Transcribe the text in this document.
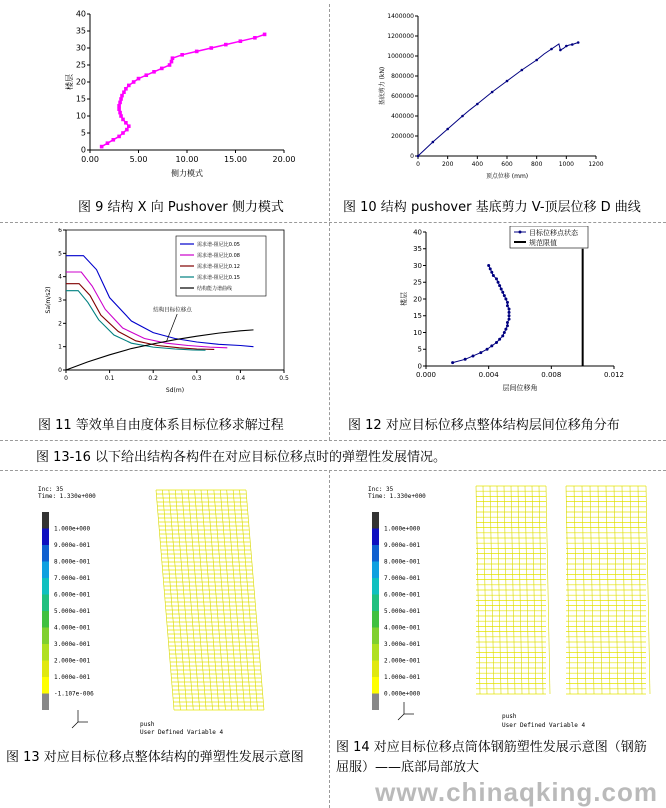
0.00	5.00	10.00	15.00	20.00
0
5
10
15
20
25
30
35
40
侧力模式
楼层
图 9 结构 X 向 Pushover 侧力模式
0	200	400	600	800	1000 1200
0
200000
400000
600000
800000
1000000
1200000
1400000
顶点位移 (mm)
基底剪力 (kN)
图 10 结构 pushover 基底剪力 V-顶层位移 D 曲线
0	0.1	0.2	0.3	0.4	0.5
0
1
2
3
4
5
6
Sd(m)
Sa(m/s2)
需求谱-阻尼比0.05
需求谱-阻尼比0.08
需求谱-阻尼比0.12
需求谱-阻尼比0.15
结构能力谱曲线
结构目标位移点
图 11 等效单自由度体系目标位移求解过程
0.000	0.004	0.008	0.012
0
5
10
15
20
25
30
35
40
层间位移角
楼层
目标位移点状态
规范限值
图 12 对应目标位移点整体结构层间位移角分布
图 13-16 以下给出结构各构件在对应目标位移点时的弹塑性发展情况。
Inc: 35
Time: 1.330e+000
1.000e+000
9.000e-001
8.000e-001
7.000e-001
6.000e-001
5.000e-001
4.000e-001
3.000e-001
2.000e-001
1.000e-001
-1.107e-006
push
User Defined Variable 4
图 13 对应目标位移点整体结构的弹塑性发展示意图
Inc: 35
Time: 1.330e+000
1.000e+000
9.000e-001
8.000e-001
7.000e-001
6.000e-001
5.000e-001
4.000e-001
3.000e-001
2.000e-001
1.000e-001
0.000e+000
push
User Defined Variable 4
图 14 对应目标位移点筒体钢筋塑性发展示意图（钢筋屈服）——底部局部放大
www.chinaqking.com
